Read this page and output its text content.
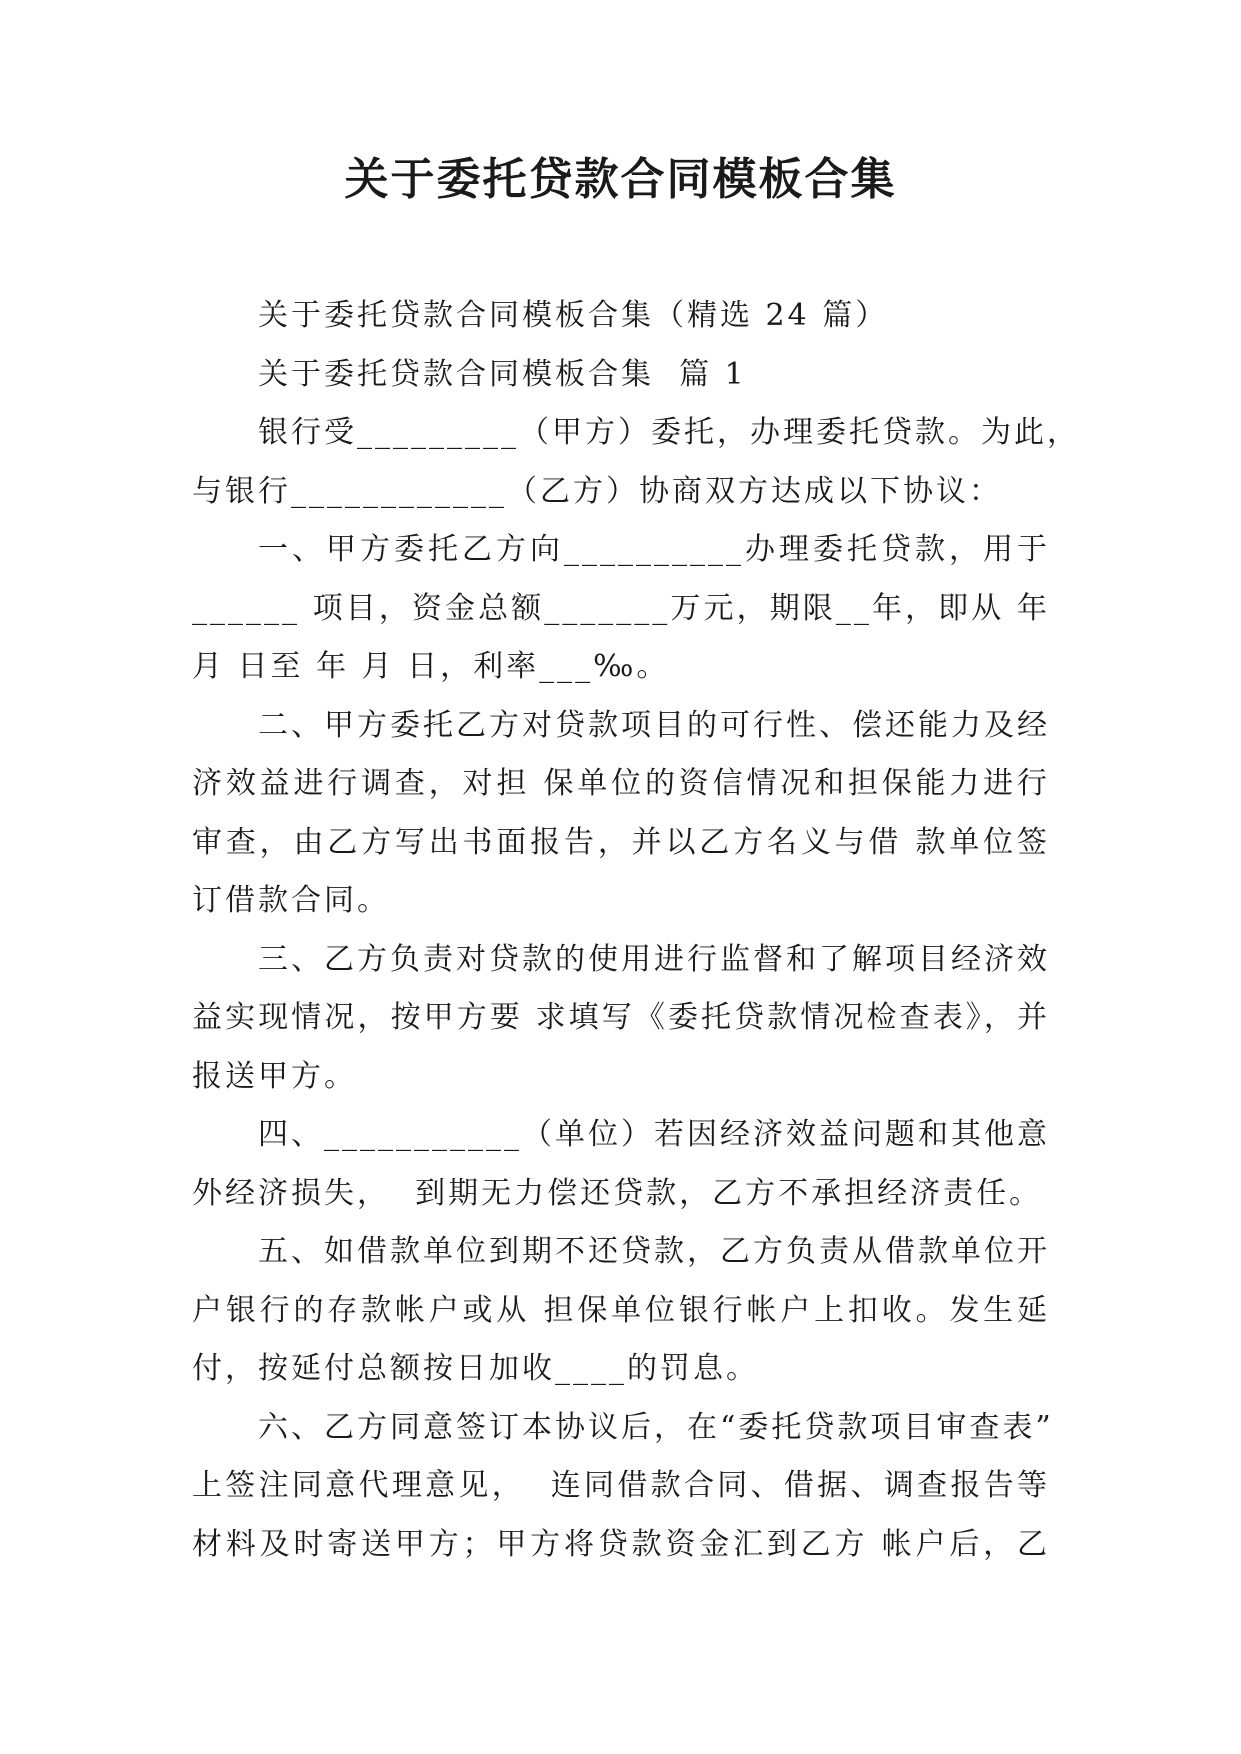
关于委托贷款合同模板合集
关于委托贷款合同模板合集（精选 24 篇）
关于委托贷款合同模板合集  篇 1
银行受_________（甲方）委托，办理委托贷款。为此，
与银行____________（乙方）协商双方达成以下协议：
一、甲方委托乙方向__________办理委托贷款，用于
______ 项目，资金总额_______万元，期限__年，即从 年
月 日至 年 月 日，利率___‰。
二、甲方委托乙方对贷款项目的可行性、偿还能力及经
济效益进行调查，对担 保单位的资信情况和担保能力进行
审查，由乙方写出书面报告，并以乙方名义与借 款单位签
订借款合同。
三、乙方负责对贷款的使用进行监督和了解项目经济效
益实现情况，按甲方要 求填写《委托贷款情况检查表》，并
报送甲方。
四、___________（单位）若因经济效益问题和其他意
外经济损失，  到期无力偿还贷款，乙方不承担经济责任。
五、如借款单位到期不还贷款，乙方负责从借款单位开
户银行的存款帐户或从 担保单位银行帐户上扣收。发生延
付，按延付总额按日加收____的罚息。
六、乙方同意签订本协议后，在“委托贷款项目审查表”
上签注同意代理意见，  连同借款合同、借据、调查报告等
材料及时寄送甲方；甲方将贷款资金汇到乙方 帐户后，乙
